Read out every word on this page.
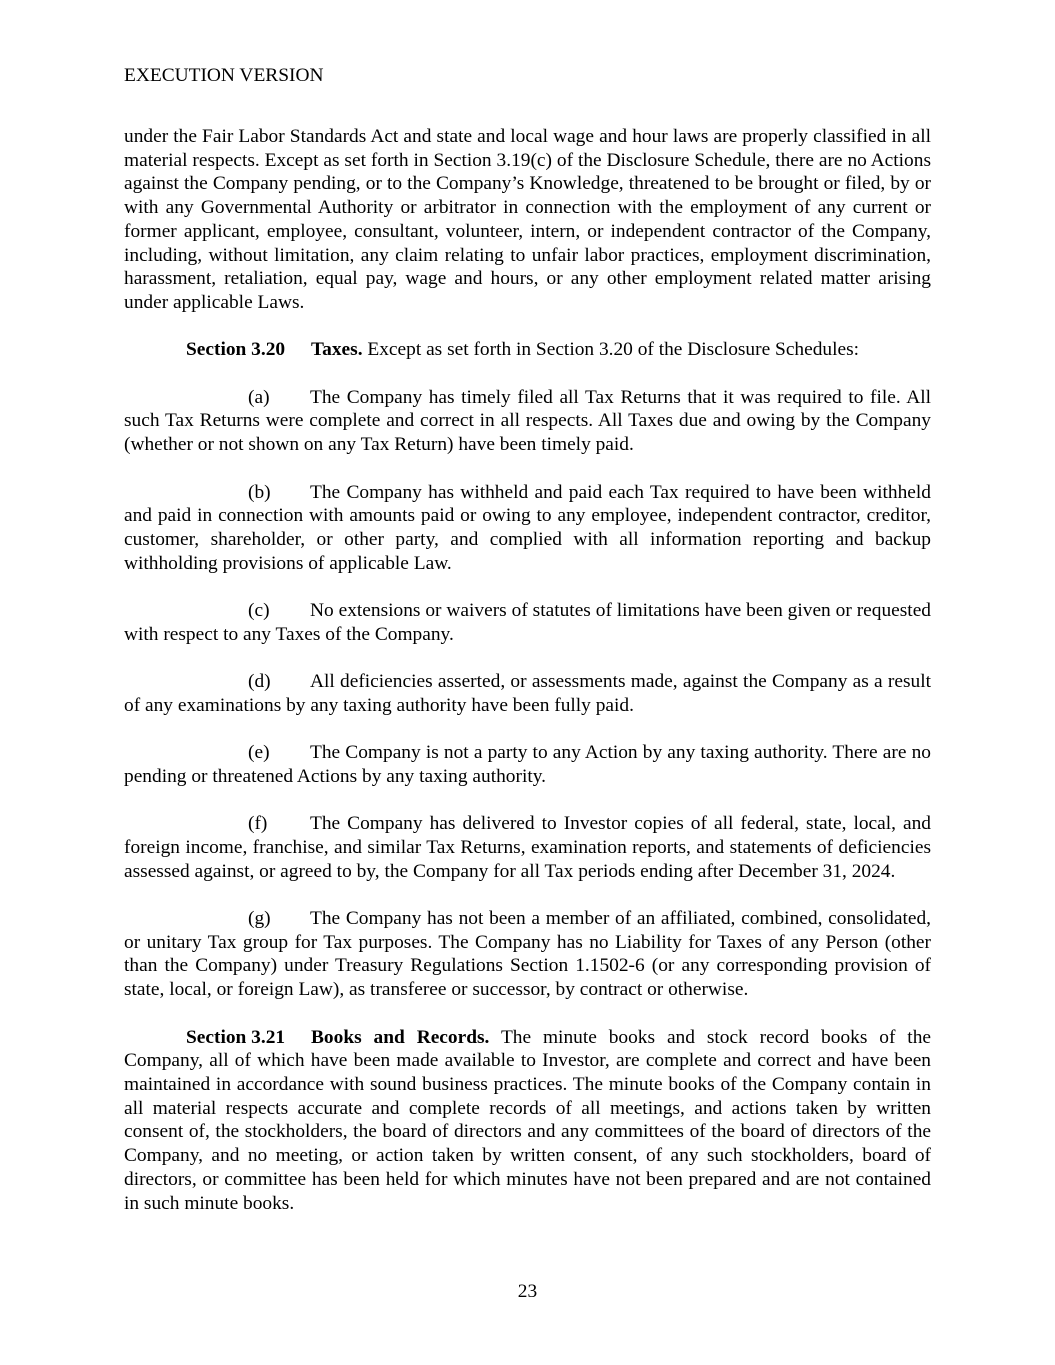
EXECUTION VERSION

under the Fair Labor Standards Act and state and local wage and hour laws are properly classified in all material respects. Except as set forth in Section 3.19(c) of the Disclosure Schedule, there are no Actions against the Company pending, or to the Company’s Knowledge, threatened to be brought or filed, by or with any Governmental Authority or arbitrator in connection with the employment of any current or former applicant, employee, consultant, volunteer, intern, or independent contractor of the Company, including, without limitation, any claim relating to unfair labor practices, employment discrimination, harassment, retaliation, equal pay, wage and hours, or any other employment related matter arising under applicable Laws.

Section 3.20 Taxes. Except as set forth in Section 3.20 of the Disclosure Schedules:

(a) The Company has timely filed all Tax Returns that it was required to file. All such Tax Returns were complete and correct in all respects. All Taxes due and owing by the Company (whether or not shown on any Tax Return) have been timely paid.

(b) The Company has withheld and paid each Tax required to have been withheld and paid in connection with amounts paid or owing to any employee, independent contractor, creditor, customer, shareholder, or other party, and complied with all information reporting and backup withholding provisions of applicable Law.

(c) No extensions or waivers of statutes of limitations have been given or requested with respect to any Taxes of the Company.

(d) All deficiencies asserted, or assessments made, against the Company as a result of any examinations by any taxing authority have been fully paid.

(e) The Company is not a party to any Action by any taxing authority. There are no pending or threatened Actions by any taxing authority.

(f) The Company has delivered to Investor copies of all federal, state, local, and foreign income, franchise, and similar Tax Returns, examination reports, and statements of deficiencies assessed against, or agreed to by, the Company for all Tax periods ending after December 31, 2024.

(g) The Company has not been a member of an affiliated, combined, consolidated, or unitary Tax group for Tax purposes. The Company has no Liability for Taxes of any Person (other than the Company) under Treasury Regulations Section 1.1502-6 (or any corresponding provision of state, local, or foreign Law), as transferee or successor, by contract or otherwise.

Section 3.21 Books and Records. The minute books and stock record books of the Company, all of which have been made available to Investor, are complete and correct and have been maintained in accordance with sound business practices. The minute books of the Company contain in all material respects accurate and complete records of all meetings, and actions taken by written consent of, the stockholders, the board of directors and any committees of the board of directors of the Company, and no meeting, or action taken by written consent, of any such stockholders, board of directors, or committee has been held for which minutes have not been prepared and are not contained in such minute books.

23
